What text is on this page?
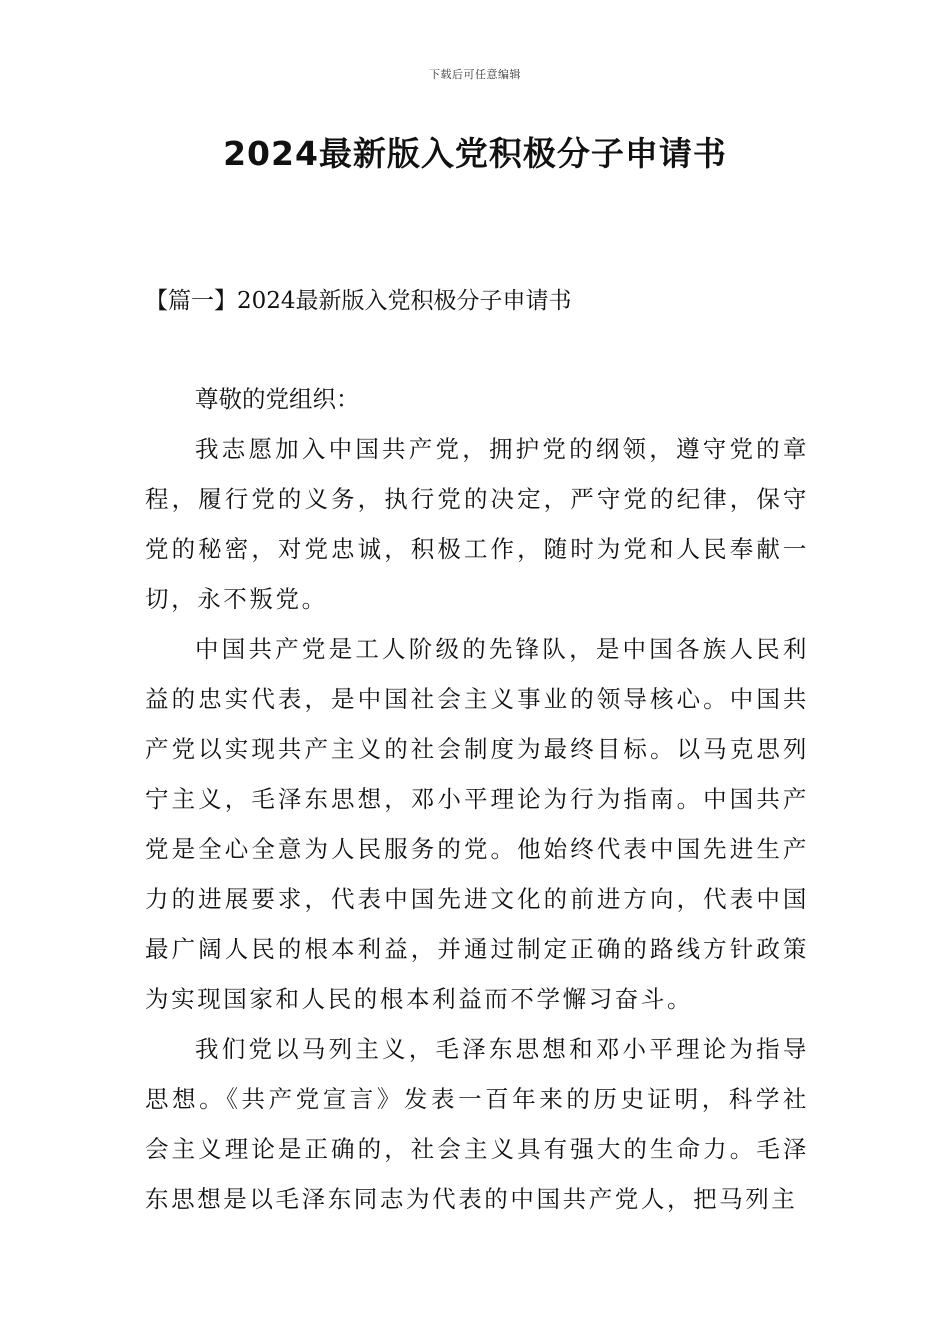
下载后可任意编辑
2024最新版入党积极分子申请书
【篇一】2024最新版入党积极分子申请书

尊敬的党组织：

我志愿加入中国共产党，拥护党的纲领，遵守党的章程，履行党的义务，执行党的决定，严守党的纪律，保守党的秘密，对党忠诚，积极工作，随时为党和人民奉献一切，永不叛党。

中国共产党是工人阶级的先锋队，是中国各族人民利益的忠实代表，是中国社会主义事业的领导核心。中国共产党以实现共产主义的社会制度为最终目标。以马克思列宁主义，毛泽东思想，邓小平理论为行为指南。中国共产党是全心全意为人民服务的党。他始终代表中国先进生产力的进展要求，代表中国先进文化的前进方向，代表中国最广阔人民的根本利益，并通过制定正确的路线方针政策为实现国家和人民的根本利益而不学懈习奋斗。

我们党以马列主义，毛泽东思想和邓小平理论为指导思想。《共产党宣言》发表一百年来的历史证明，科学社会主义理论是正确的，社会主义具有强大的生命力。毛泽东思想是以毛泽东同志为代表的中国共产党人，把马列主
